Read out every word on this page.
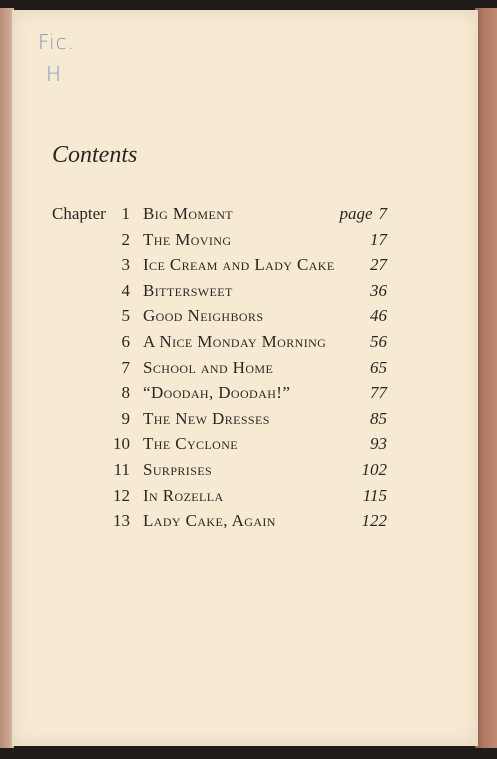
Fic.
H
Contents
Chapter 1 Big Moment	page 7
2 The Moving	17
3 Ice Cream and Lady Cake 27
4 Bittersweet	36
5 Good Neighbors	46
6 A Nice Monday Morning	56
7 School and Home	65
8 “Doodah, Doodah!”	77
9 The New Dresses	85
10 The Cyclone	93
11 Surprises	102
12 In Rozella	115
13 Lady Cake, Again	122
